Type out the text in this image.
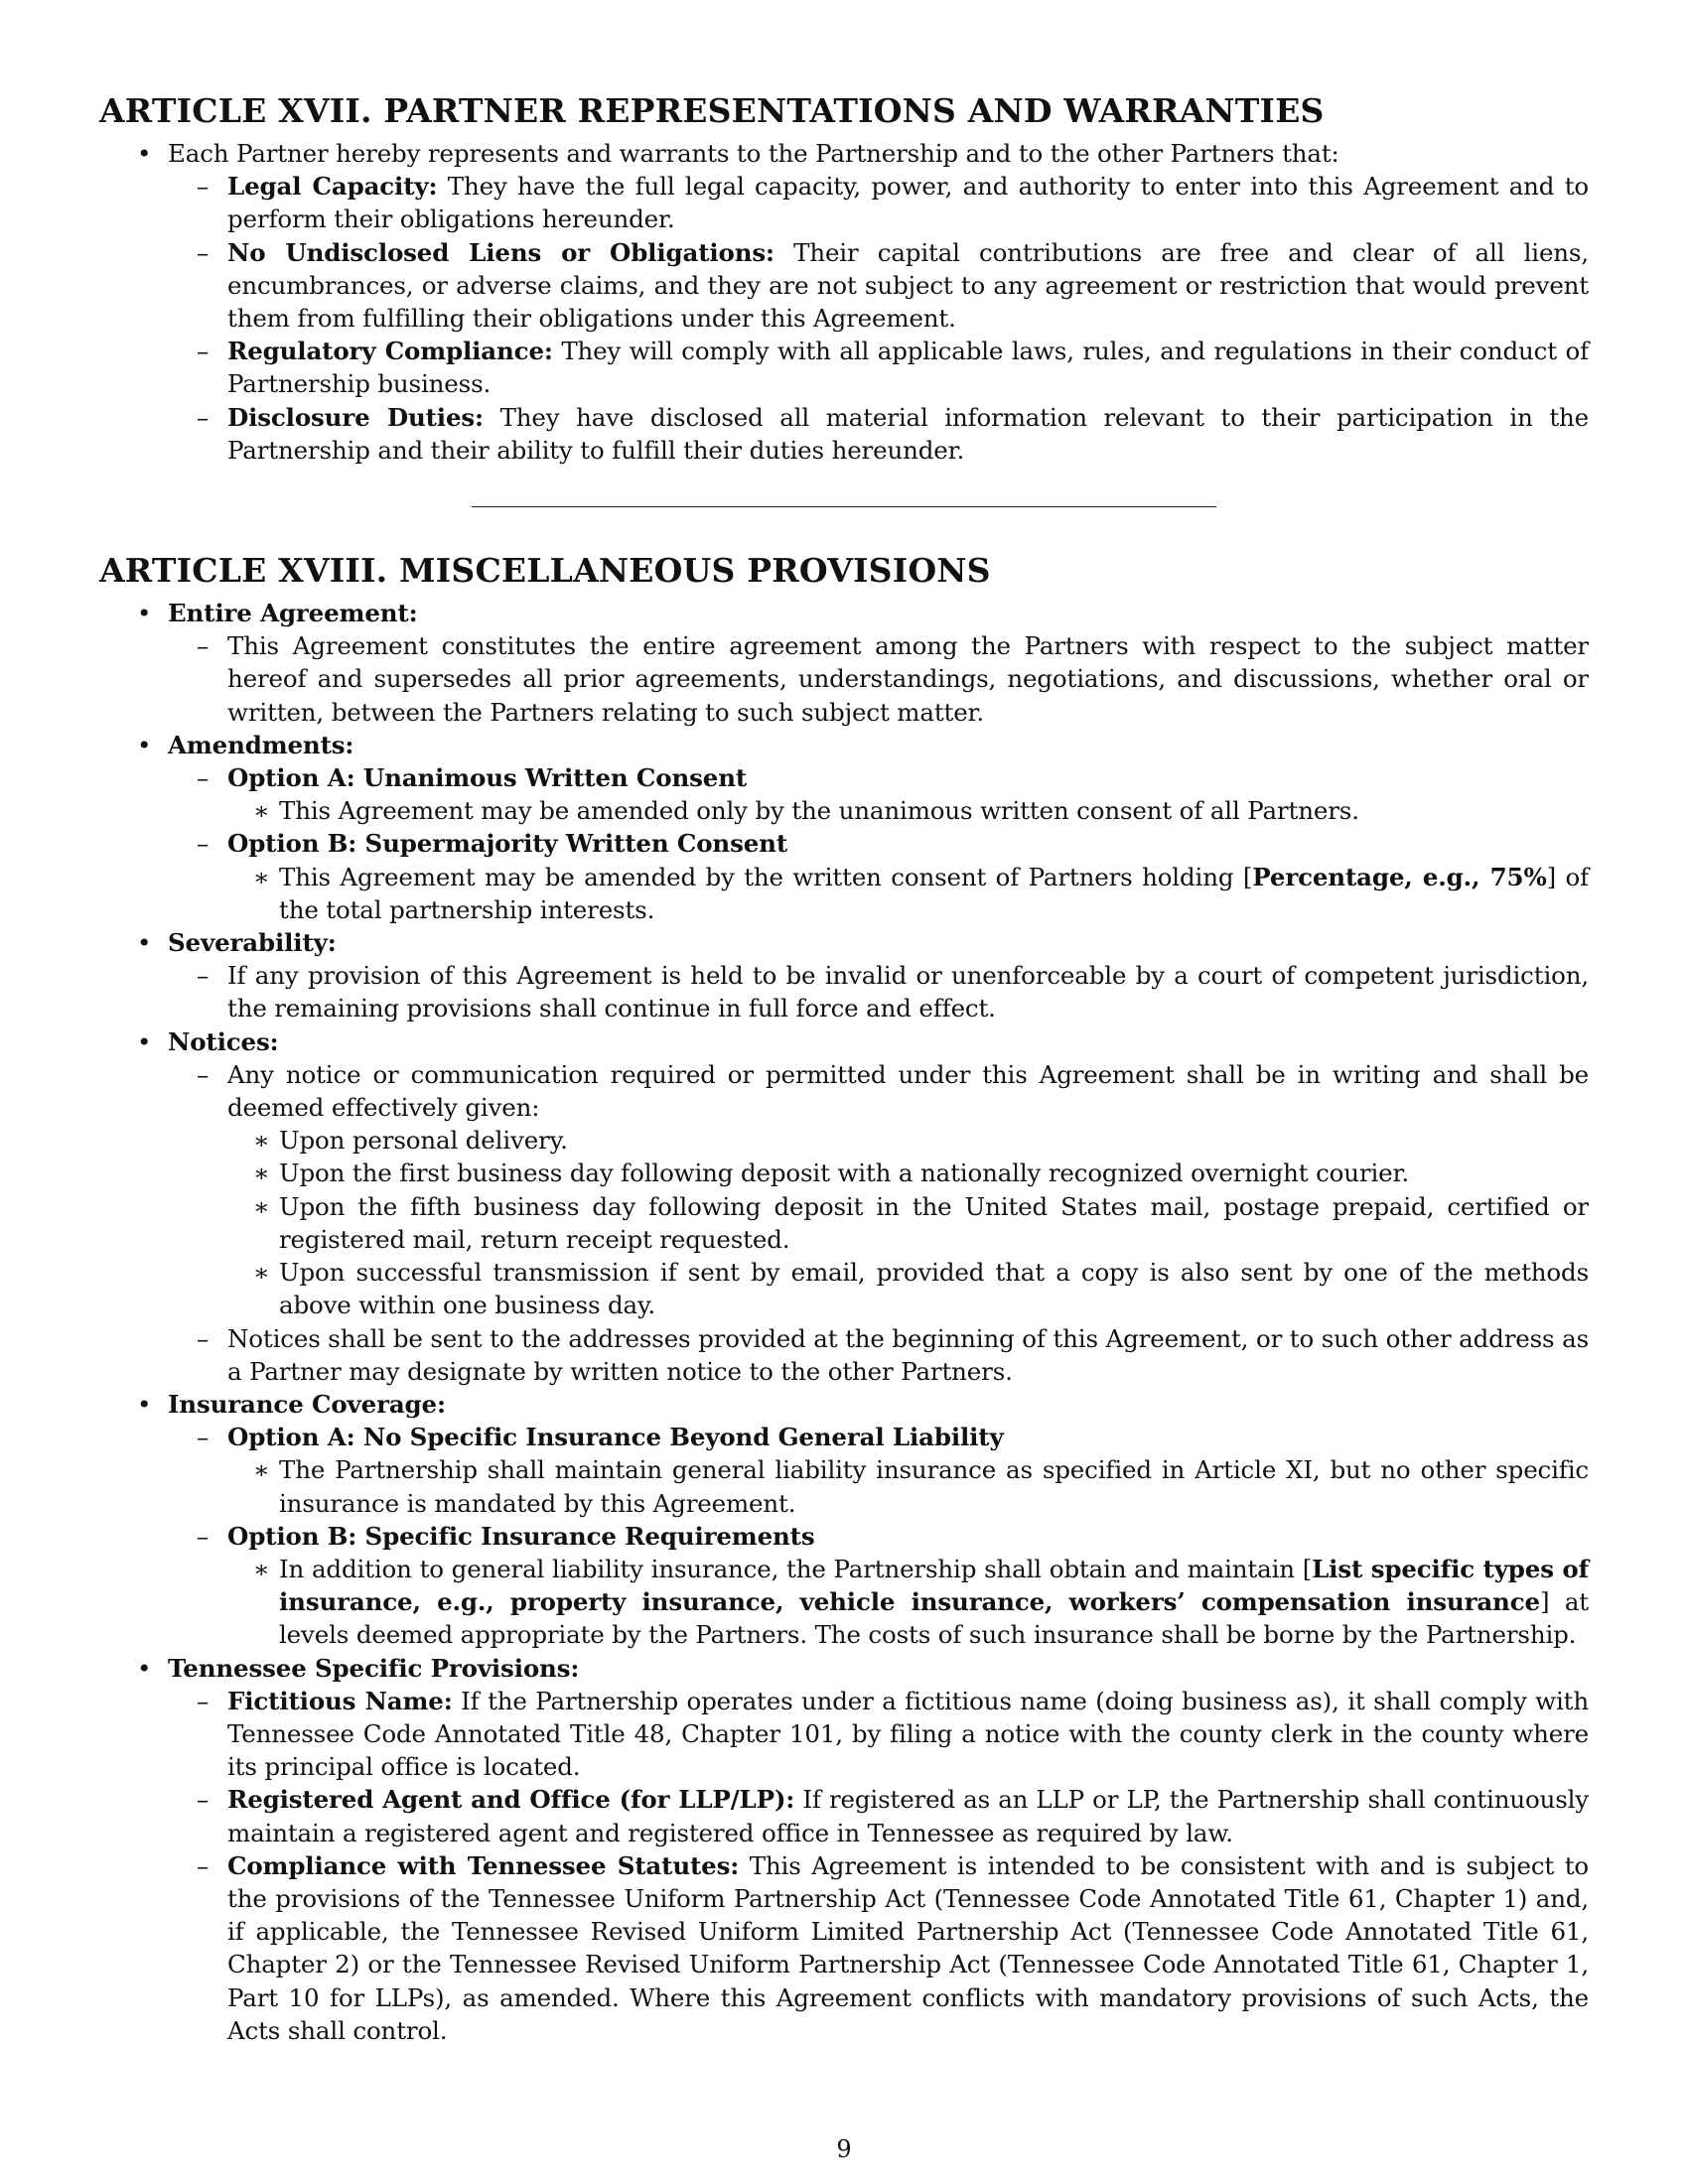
ARTICLE XVII. PARTNER REPRESENTATIONS AND WARRANTIES
• Each Partner hereby represents and warrants to the Partnership and to the other Partners that:
– Legal Capacity: They have the full legal capacity, power, and authority to enter into this Agreement and to perform their obligations hereunder.
– No Undisclosed Liens or Obligations: Their capital contributions are free and clear of all liens, encumbrances, or adverse claims, and they are not subject to any agreement or restriction that would prevent them from fulfilling their obligations under this Agreement.
– Regulatory Compliance: They will comply with all applicable laws, rules, and regulations in their conduct of Partnership business.
– Disclosure Duties: They have disclosed all material information relevant to their participation in the Partnership and their ability to fulfill their duties hereunder.
ARTICLE XVIII. MISCELLANEOUS PROVISIONS
• Entire Agreement:
– This Agreement constitutes the entire agreement among the Partners with respect to the subject matter hereof and supersedes all prior agreements, understandings, negotiations, and discussions, whether oral or written, between the Partners relating to such subject matter.
• Amendments:
– Option A: Unanimous Written Consent
∗ This Agreement may be amended only by the unanimous written consent of all Partners.
– Option B: Supermajority Written Consent
∗ This Agreement may be amended by the written consent of Partners holding [Percentage, e.g., 75%] of the total partnership interests.
• Severability:
– If any provision of this Agreement is held to be invalid or unenforceable by a court of competent jurisdiction, the remaining provisions shall continue in full force and effect.
• Notices:
– Any notice or communication required or permitted under this Agreement shall be in writing and shall be deemed effectively given:
∗ Upon personal delivery.
∗ Upon the first business day following deposit with a nationally recognized overnight courier.
∗ Upon the fifth business day following deposit in the United States mail, postage prepaid, certified or registered mail, return receipt requested.
∗ Upon successful transmission if sent by email, provided that a copy is also sent by one of the methods above within one business day.
– Notices shall be sent to the addresses provided at the beginning of this Agreement, or to such other address as a Partner may designate by written notice to the other Partners.
• Insurance Coverage:
– Option A: No Specific Insurance Beyond General Liability
∗ The Partnership shall maintain general liability insurance as specified in Article XI, but no other specific insurance is mandated by this Agreement.
– Option B: Specific Insurance Requirements
∗ In addition to general liability insurance, the Partnership shall obtain and maintain [List specific types of insurance, e.g., property insurance, vehicle insurance, workers’ compensation insurance] at levels deemed appropriate by the Partners. The costs of such insurance shall be borne by the Partnership.
• Tennessee Specific Provisions:
– Fictitious Name: If the Partnership operates under a fictitious name (doing business as), it shall comply with Tennessee Code Annotated Title 48, Chapter 101, by filing a notice with the county clerk in the county where its principal office is located.
– Registered Agent and Office (for LLP/LP): If registered as an LLP or LP, the Partnership shall continuously maintain a registered agent and registered office in Tennessee as required by law.
– Compliance with Tennessee Statutes: This Agreement is intended to be consistent with and is subject to the provisions of the Tennessee Uniform Partnership Act (Tennessee Code Annotated Title 61, Chapter 1) and, if applicable, the Tennessee Revised Uniform Limited Partnership Act (Tennessee Code Annotated Title 61, Chapter 2) or the Tennessee Revised Uniform Partnership Act (Tennessee Code Annotated Title 61, Chapter 1, Part 10 for LLPs), as amended. Where this Agreement conflicts with mandatory provisions of such Acts, the Acts shall control.
9
